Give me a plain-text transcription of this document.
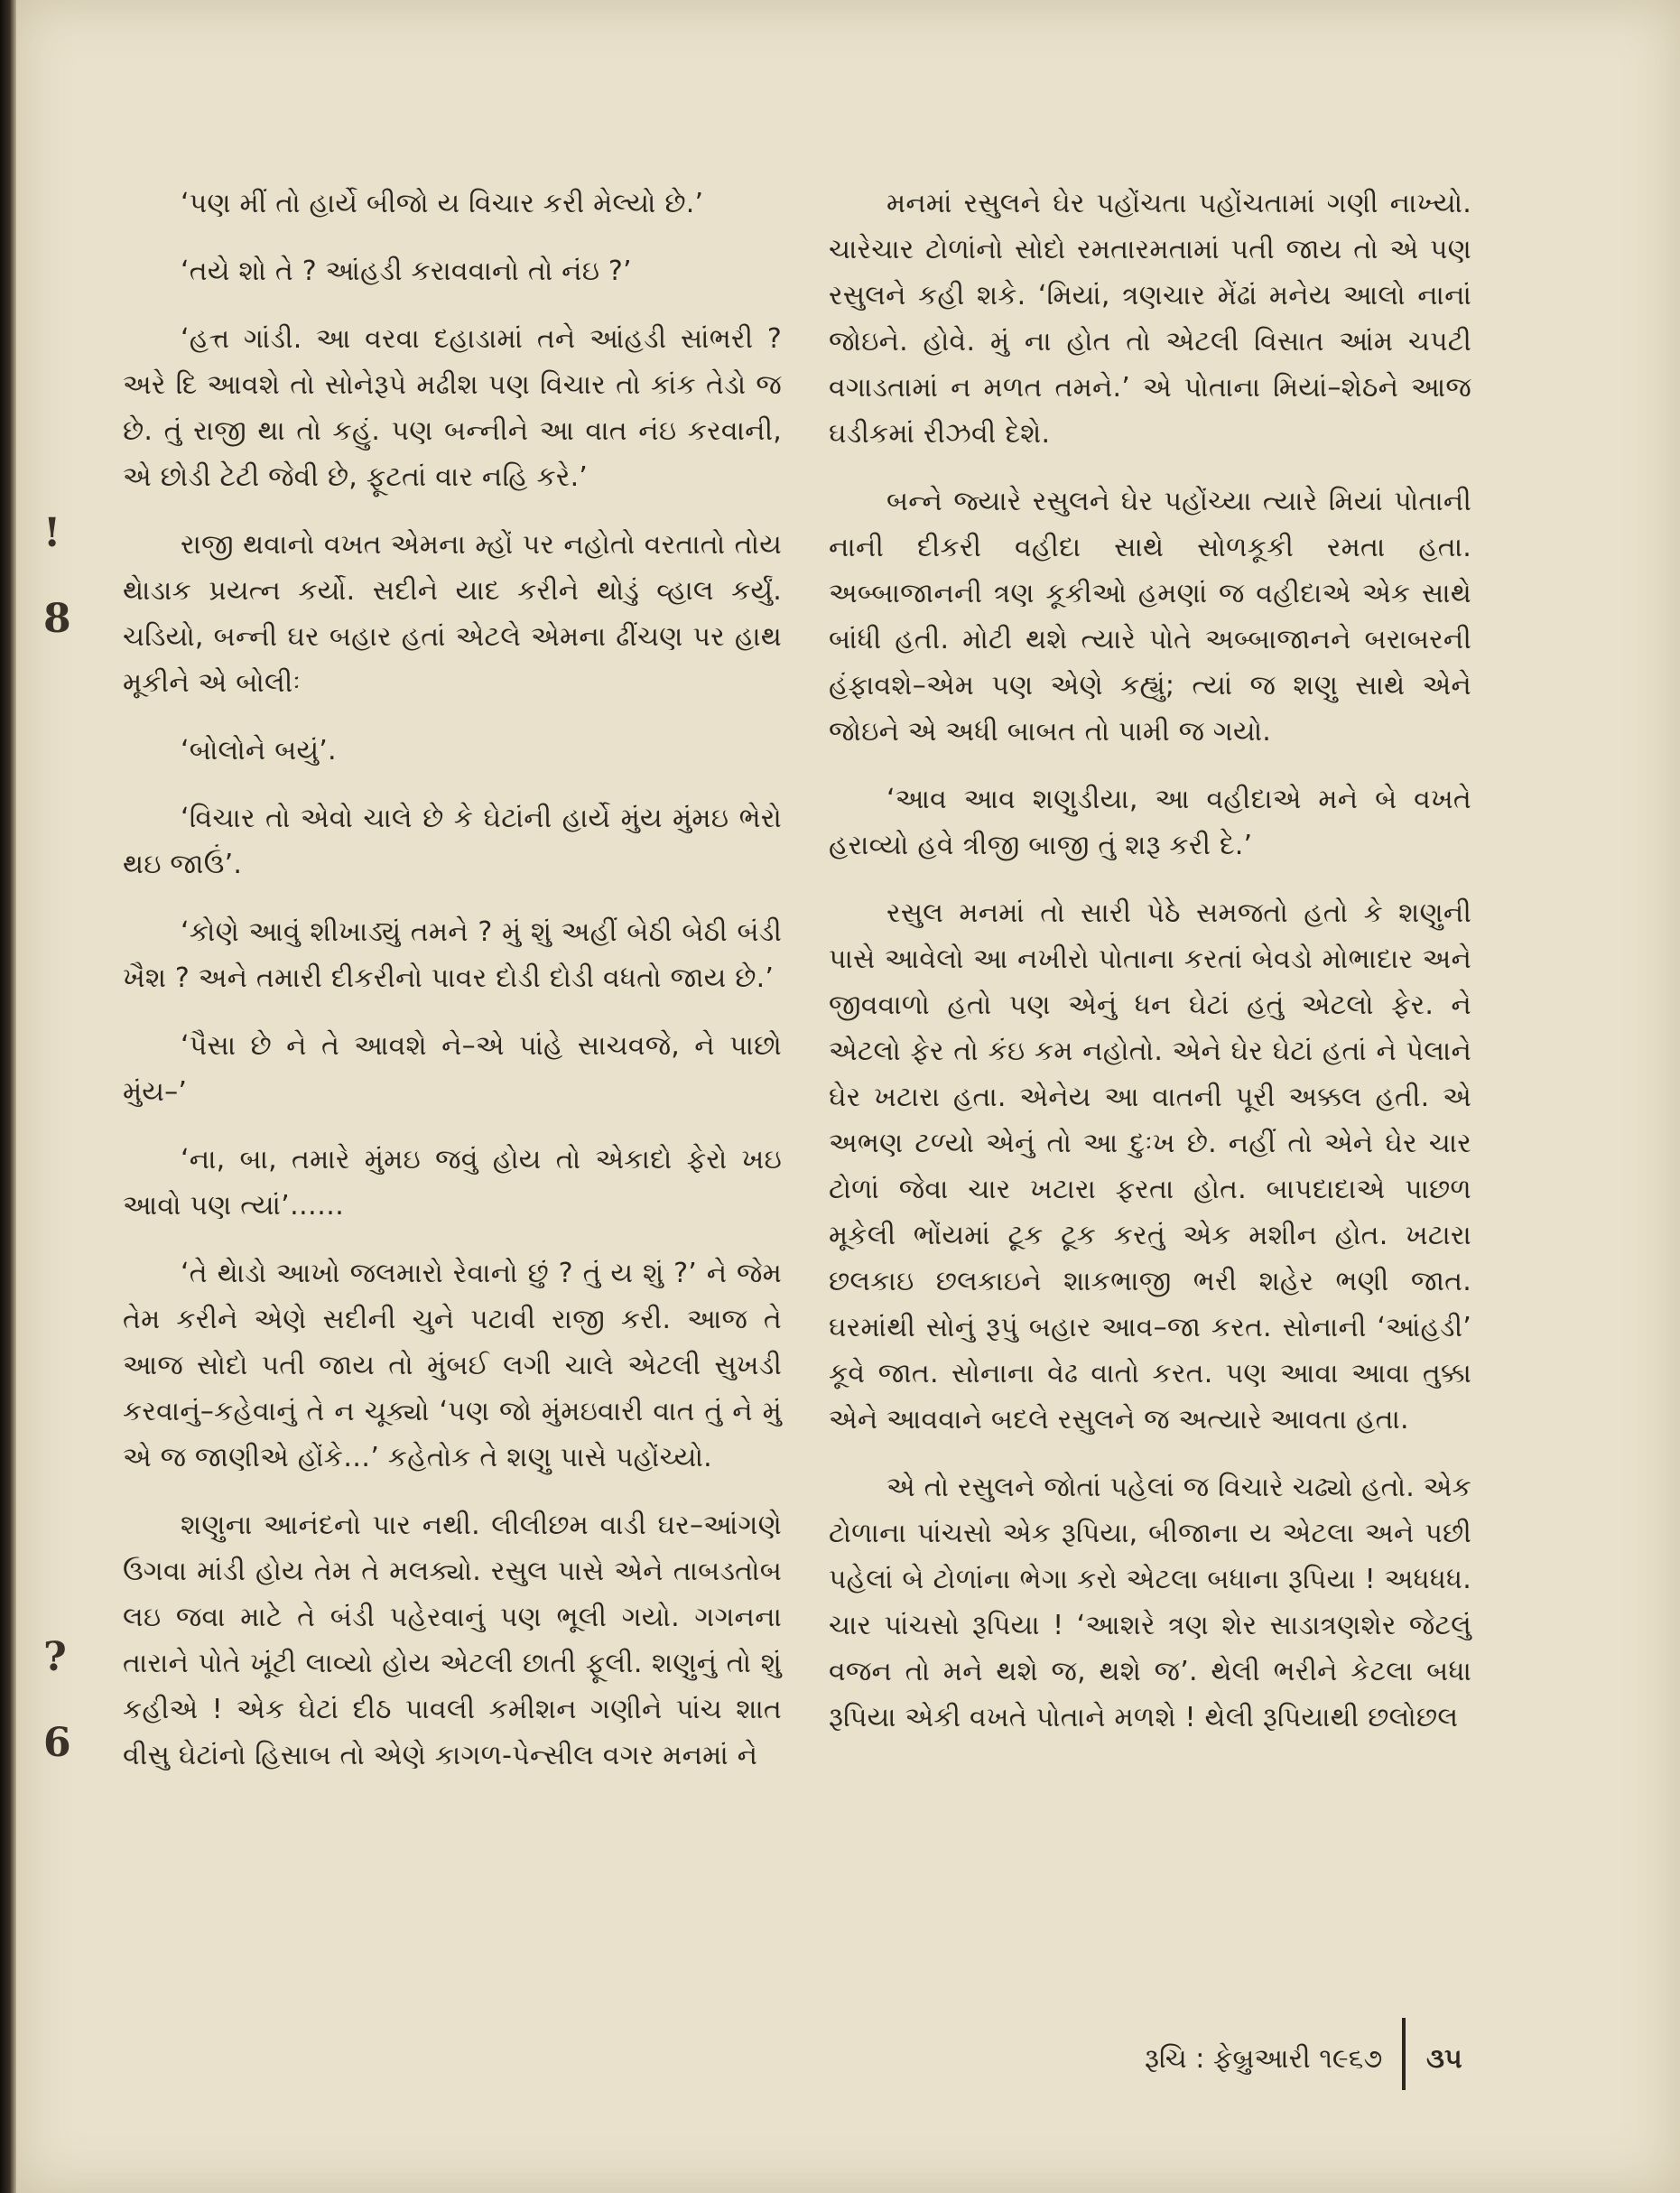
‘પણ મીં તો હાર્યે બીજો ય વિચાર કરી મેલ્યો છે.’

‘તયે શો તે ? આંહડી કરાવવાનો તો નંઇ ?’

‘હત્ત ગાંડી. આ વરવા દહાડામાં તને આંહડી સાંભરી ? અરે દિ આવશે તો સોનેરૂપે મઢીશ પણ વિચાર તો કાંક તેડો જ છે. તું રાજી થા તો કહું. પણ બન્નીને આ વાત નંઇ કરવાની, એ છોડી ટેટી જેવી છે, ફૂટતાં વાર નહિ કરે.’

રાજી થવાનો વખત એમના મ્હોં પર નહોતો વરતાતો તોય થેાડાક પ્રયત્ન કર્યો. સદીને યાદ કરીને થોડું વ્હાલ કર્યું. ચડિયો, બન્ની ઘર બહાર હતાં એટલે એમના ઢીંચણ પર હાથ મૂકીને એ બોલીઃ

‘બોલોને બયું’.

‘વિચાર તો એવો ચાલે છે કે ઘેટાંની હાર્યે મુંય મુંમઇ ભેરો થઇ જાઉં’.

‘કોણે આવું શીખાડ્યું તમને ? મું શું અહીં બેઠી બેઠી બંડી ખૈશ ? અને તમારી દીકરીનો પાવર દોડી દોડી વધતો જાય છે.’

‘પૈસા છે ને તે આવશે ને–એ પાંહે સાચવજે, ને પાછો મુંય–’

‘ના, બા, તમારે મુંમઇ જવું હોય તો એકાદો ફેરો ખઇ આવો પણ ત્યાં’……

‘તે થેાડો આખો જલમારો રેવાનો છું ? તું ય શું ?’ ને જેમ તેમ કરીને એણે સદીની ચુને પટાવી રાજી કરી. આજ તે આજ સોદો પતી જાય તો મુંબઈ લગી ચાલે એટલી સુખડી કરવાનું–કહેવાનું તે ન ચૂક્યો ‘પણ જો મુંમઇવારી વાત તું ને મું એ જ જાણીએ હોંકે…’ કહેતોક તે શણુ પાસે પહોંચ્યો.

શણુના આનંદનો પાર નથી. લીલીછમ વાડી ઘર–આંગણે ઉગવા માંડી હોય તેમ તે મલક્યો. રસુલ પાસે એને તાબડતોબ લઇ જવા માટે તે બંડી પહેરવાનું પણ ભૂલી ગયો. ગગનના તારાને પોતે ખૂંટી લાવ્યો હોય એટલી છાતી ફૂલી. શણુનું તો શું કહીએ ! એક ઘેટાં દીઠ પાવલી કમીશન ગણીને પાંચ શાત વીસુ ઘેટાંનો હિસાબ તો એણે કાગળ-પેન્સીલ વગર મનમાં ને

મનમાં રસુલને ઘેર પહોંચતા પહોંચતામાં ગણી નાખ્યો. ચારેચાર ટોળાંનો સોદો રમતારમતામાં પતી જાય તો એ પણ રસુલને કહી શકે. ‘મિયાં, ત્રણચાર મેંઢાં મનેય આલો નાનાં જોઇને. હોવે. મું ના હોત તો એટલી વિસાત આંમ ચપટી વગાડતામાં ન મળત તમને.’ એ પોતાના મિયાં–શેઠને આજ ઘડીકમાં રીઝવી દેશે.

બન્ને જ્યારે રસુલને ઘેર પહોંચ્યા ત્યારે મિયાં પોતાની નાની દીકરી વહીદા સાથે સોળકૂકી રમતા હતા. અબ્બાજાનની ત્રણ કૂકીઓ હમણાં જ વહીદાએ એક સાથે બાંધી હતી. મોટી થશે ત્યારે પોતે અબ્બાજાનને બરાબરની હંફાવશે–એમ પણ એણે કહ્યું; ત્યાં જ શણુ સાથે એને જોઇને એ અધી બાબત તો પામી જ ગયો.

‘આવ આવ શણુડીયા, આ વહીદાએ મને બે વખતે હરાવ્યો હવે ત્રીજી બાજી તું શરૂ કરી દે.’

રસુલ મનમાં તો સારી પેઠે સમજતો હતો કે શણુની પાસે આવેલો આ નખીરો પોતાના કરતાં બેવડો મોભાદાર અને જીવવાળો હતો પણ એનું ધન ઘેટાં હતું એટલો ફેર. ને એટલો ફેર તો કંઇ કમ નહોતો. એને ઘેર ઘેટાં હતાં ને પેલાને ઘેર ખટારા હતા. એનેય આ વાતની પૂરી અક્કલ હતી. એ અભણ ટળ્યો એનું તો આ દુઃખ છે. નહીં તો એને ઘેર ચાર ટોળાં જેવા ચાર ખટારા ફરતા હોત. બાપદાદાએ પાછળ મૂકેલી ભોંયમાં ટૂક ટૂક કરતું એક મશીન હોત. ખટારા છલકાઇ છલકાઇને શાકભાજી ભરી શહેર ભણી જાત. ઘરમાંથી સોનું રૂપું બહાર આવ–જા કરત. સોનાની ‘આંહડી’ કૂવે જાત. સોનાના વેઢ વાતો કરત. પણ આવા આવા તુક્કા એને આવવાને બદલે રસુલને જ અત્યારે આવતા હતા.

એ તો રસુલને જોતાં પહેલાં જ વિચારે ચઢ્યો હતો. એક ટોળાના પાંચસો એક રૂપિયા, બીજાના ય એટલા અને પછી પહેલાં બે ટોળાંના ભેગા કરો એટલા બધાના રૂપિયા ! અધધધ. ચાર પાંચસો રૂપિયા ! ‘આશરે ત્રણ શેર સાડાત્રણશેર જેટલું વજન તો મને થશે જ, થશે જ’. થેલી ભરીને કેટલા બધા રૂપિયા એકી વખતે પોતાને મળશે ! થેલી રૂપિયાથી છલોછલ

!
8
?
6
રૂચિ : ફેબ્રુઆરી ૧૯૬૭ ૩૫
